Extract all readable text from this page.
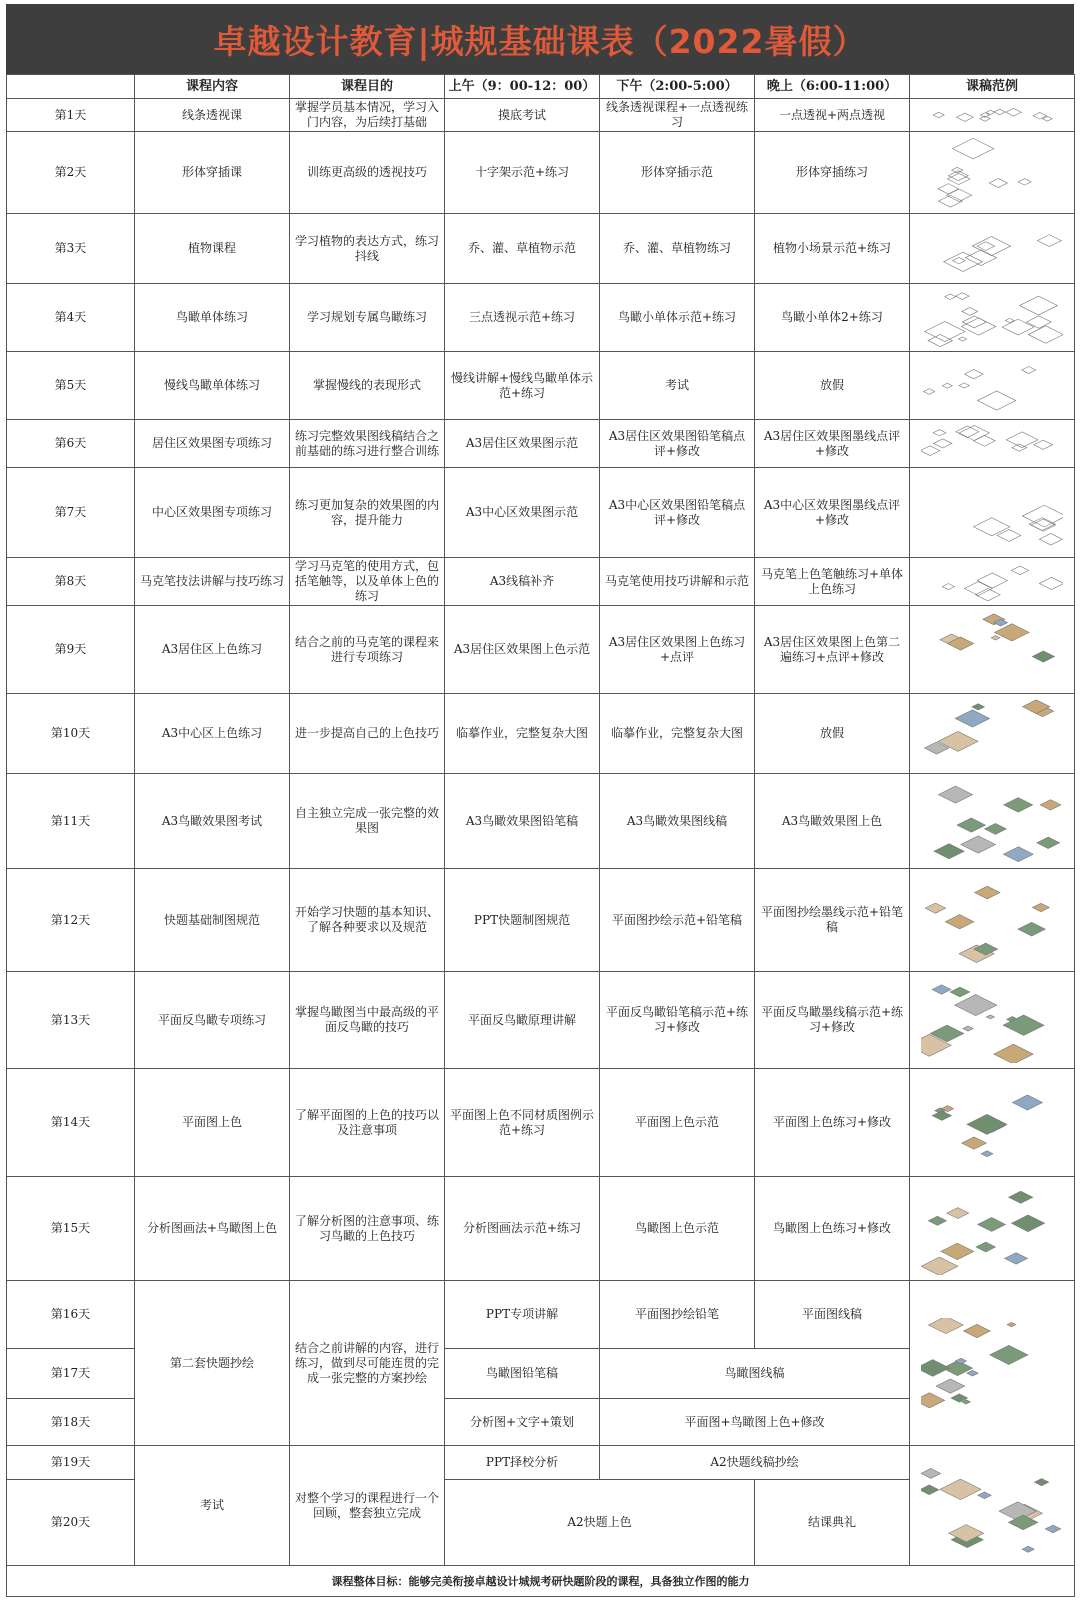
卓越设计教育|城规基础课表（2022暑假）
	课程内容	课程目的	上午（9：00-12：00）	下午（2:00-5:00）	晚上（6:00-11:00）	课稿范例
第1天	线条透视课	掌握学员基本情况，学习入门内容，为后续打基础	摸底考试	线条透视课程+一点透视练习	一点透视+两点透视	

第2天	形体穿插课	训练更高级的透视技巧	十字架示范+练习	形体穿插示范	形体穿插练习	

第3天	植物课程	学习植物的表达方式，练习抖线	乔、灌、草植物示范	乔、灌、草植物练习	植物小场景示范+练习	

第4天	鸟瞰单体练习	学习规划专属鸟瞰练习	三点透视示范+练习	鸟瞰小单体示范+练习	鸟瞰小单体2+练习	

第5天	慢线鸟瞰单体练习	掌握慢线的表现形式	慢线讲解+慢线鸟瞰单体示范+练习	考试	放假	

第6天	居住区效果图专项练习	练习完整效果图线稿结合之前基础的练习进行整合训练	A3居住区效果图示范	A3居住区效果图铅笔稿点评+修改	A3居住区效果图墨线点评+修改	

第7天	中心区效果图专项练习	练习更加复杂的效果图的内容，提升能力	A3中心区效果图示范	A3中心区效果图铅笔稿点评+修改	A3中心区效果图墨线点评+修改	

第8天	马克笔技法讲解与技巧练习	学习马克笔的使用方式，包括笔触等，以及单体上色的练习	A3线稿补齐	马克笔使用技巧讲解和示范	马克笔上色笔触练习+单体上色练习	

第9天	A3居住区上色练习	结合之前的马克笔的课程来进行专项练习	A3居住区效果图上色示范	A3居住区效果图上色练习+点评	A3居住区效果图上色第二遍练习+点评+修改	

第10天	A3中心区上色练习	进一步提高自己的上色技巧	临摹作业，完整复杂大图	临摹作业，完整复杂大图	放假	

第11天	A3鸟瞰效果图考试	自主独立完成一张完整的效果图	A3鸟瞰效果图铅笔稿	A3鸟瞰效果图线稿	A3鸟瞰效果图上色	

第12天	快题基础制图规范	开始学习快题的基本知识、了解各种要求以及规范	PPT快题制图规范	平面图抄绘示范+铅笔稿	平面图抄绘墨线示范+铅笔稿	

第13天	平面反鸟瞰专项练习	掌握鸟瞰图当中最高级的平面反鸟瞰的技巧	平面反鸟瞰原理讲解	平面反鸟瞰铅笔稿示范+练习+修改	平面反鸟瞰墨线稿示范+练习+修改	

第14天	平面图上色	了解平面图的上色的技巧以及注意事项	平面图上色不同材质图例示范+练习	平面图上色示范	平面图上色练习+修改	

第15天	分析图画法+鸟瞰图上色	了解分析图的注意事项、练习鸟瞰的上色技巧	分析图画法示范+练习	鸟瞰图上色示范	鸟瞰图上色练习+修改	

第16天	第二套快题抄绘	结合之前讲解的内容，进行练习，做到尽可能连贯的完成一张完整的方案抄绘	PPT专项讲解	平面图抄绘铅笔	平面图线稿	

第17天			鸟瞰图铅笔稿	鸟瞰图线稿		
第18天			分析图+文字+策划	平面图+鸟瞰图上色+修改		
第19天	考试	对整个学习的课程进行一个回顾，整套独立完成	PPT择校分析	A2快题线稿抄绘	

第20天			A2快题上色		结课典礼	
课程整体目标：能够完美衔接卓越设计城规考研快题阶段的课程，具备独立作图的能力						
